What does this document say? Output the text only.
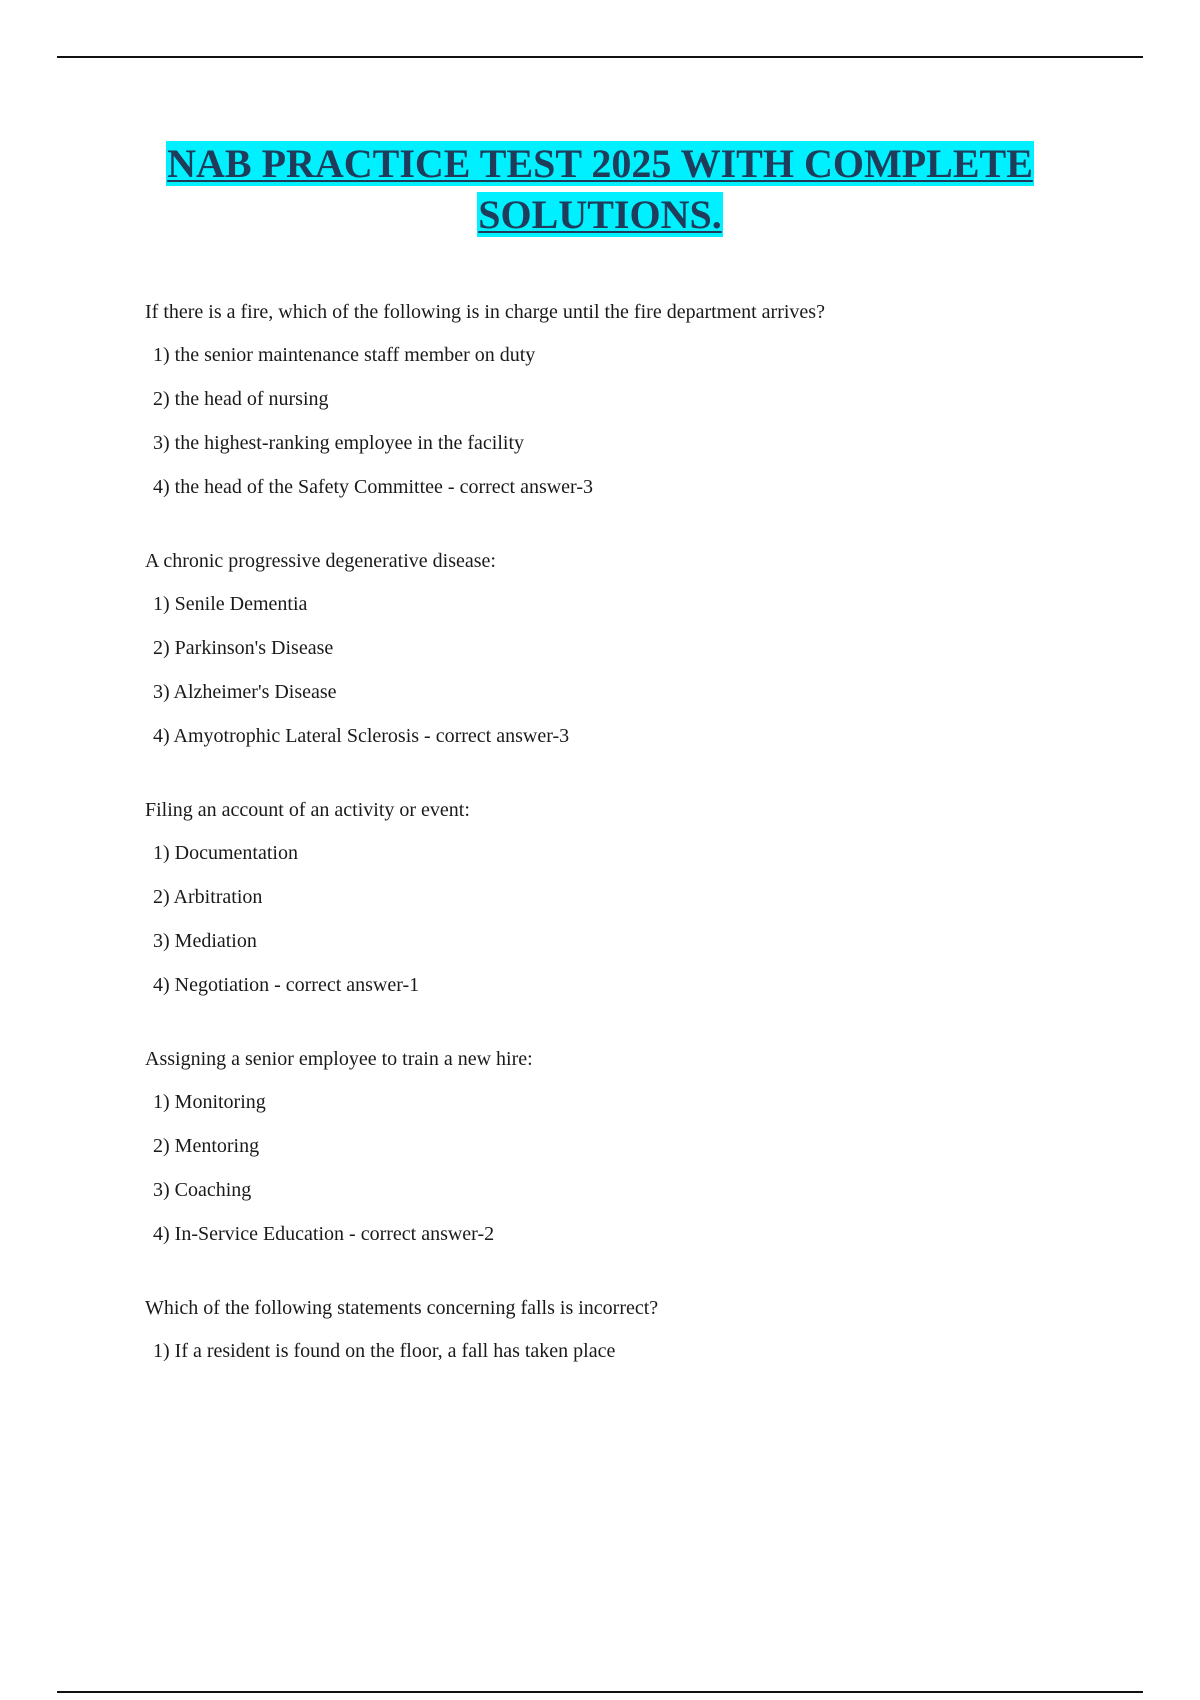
NAB PRACTICE TEST 2025 WITH COMPLETE
SOLUTIONS.
If there is a fire, which of the following is in charge until the fire department arrives?
1) the senior maintenance staff member on duty
2) the head of nursing
3) the highest-ranking employee in the facility
4) the head of the Safety Committee - correct answer-3
A chronic progressive degenerative disease:
1) Senile Dementia
2) Parkinson's Disease
3) Alzheimer's Disease
4) Amyotrophic Lateral Sclerosis - correct answer-3
Filing an account of an activity or event:
1) Documentation
2) Arbitration
3) Mediation
4) Negotiation - correct answer-1
Assigning a senior employee to train a new hire:
1) Monitoring
2) Mentoring
3) Coaching
4) In-Service Education - correct answer-2
Which of the following statements concerning falls is incorrect?
1) If a resident is found on the floor, a fall has taken place
